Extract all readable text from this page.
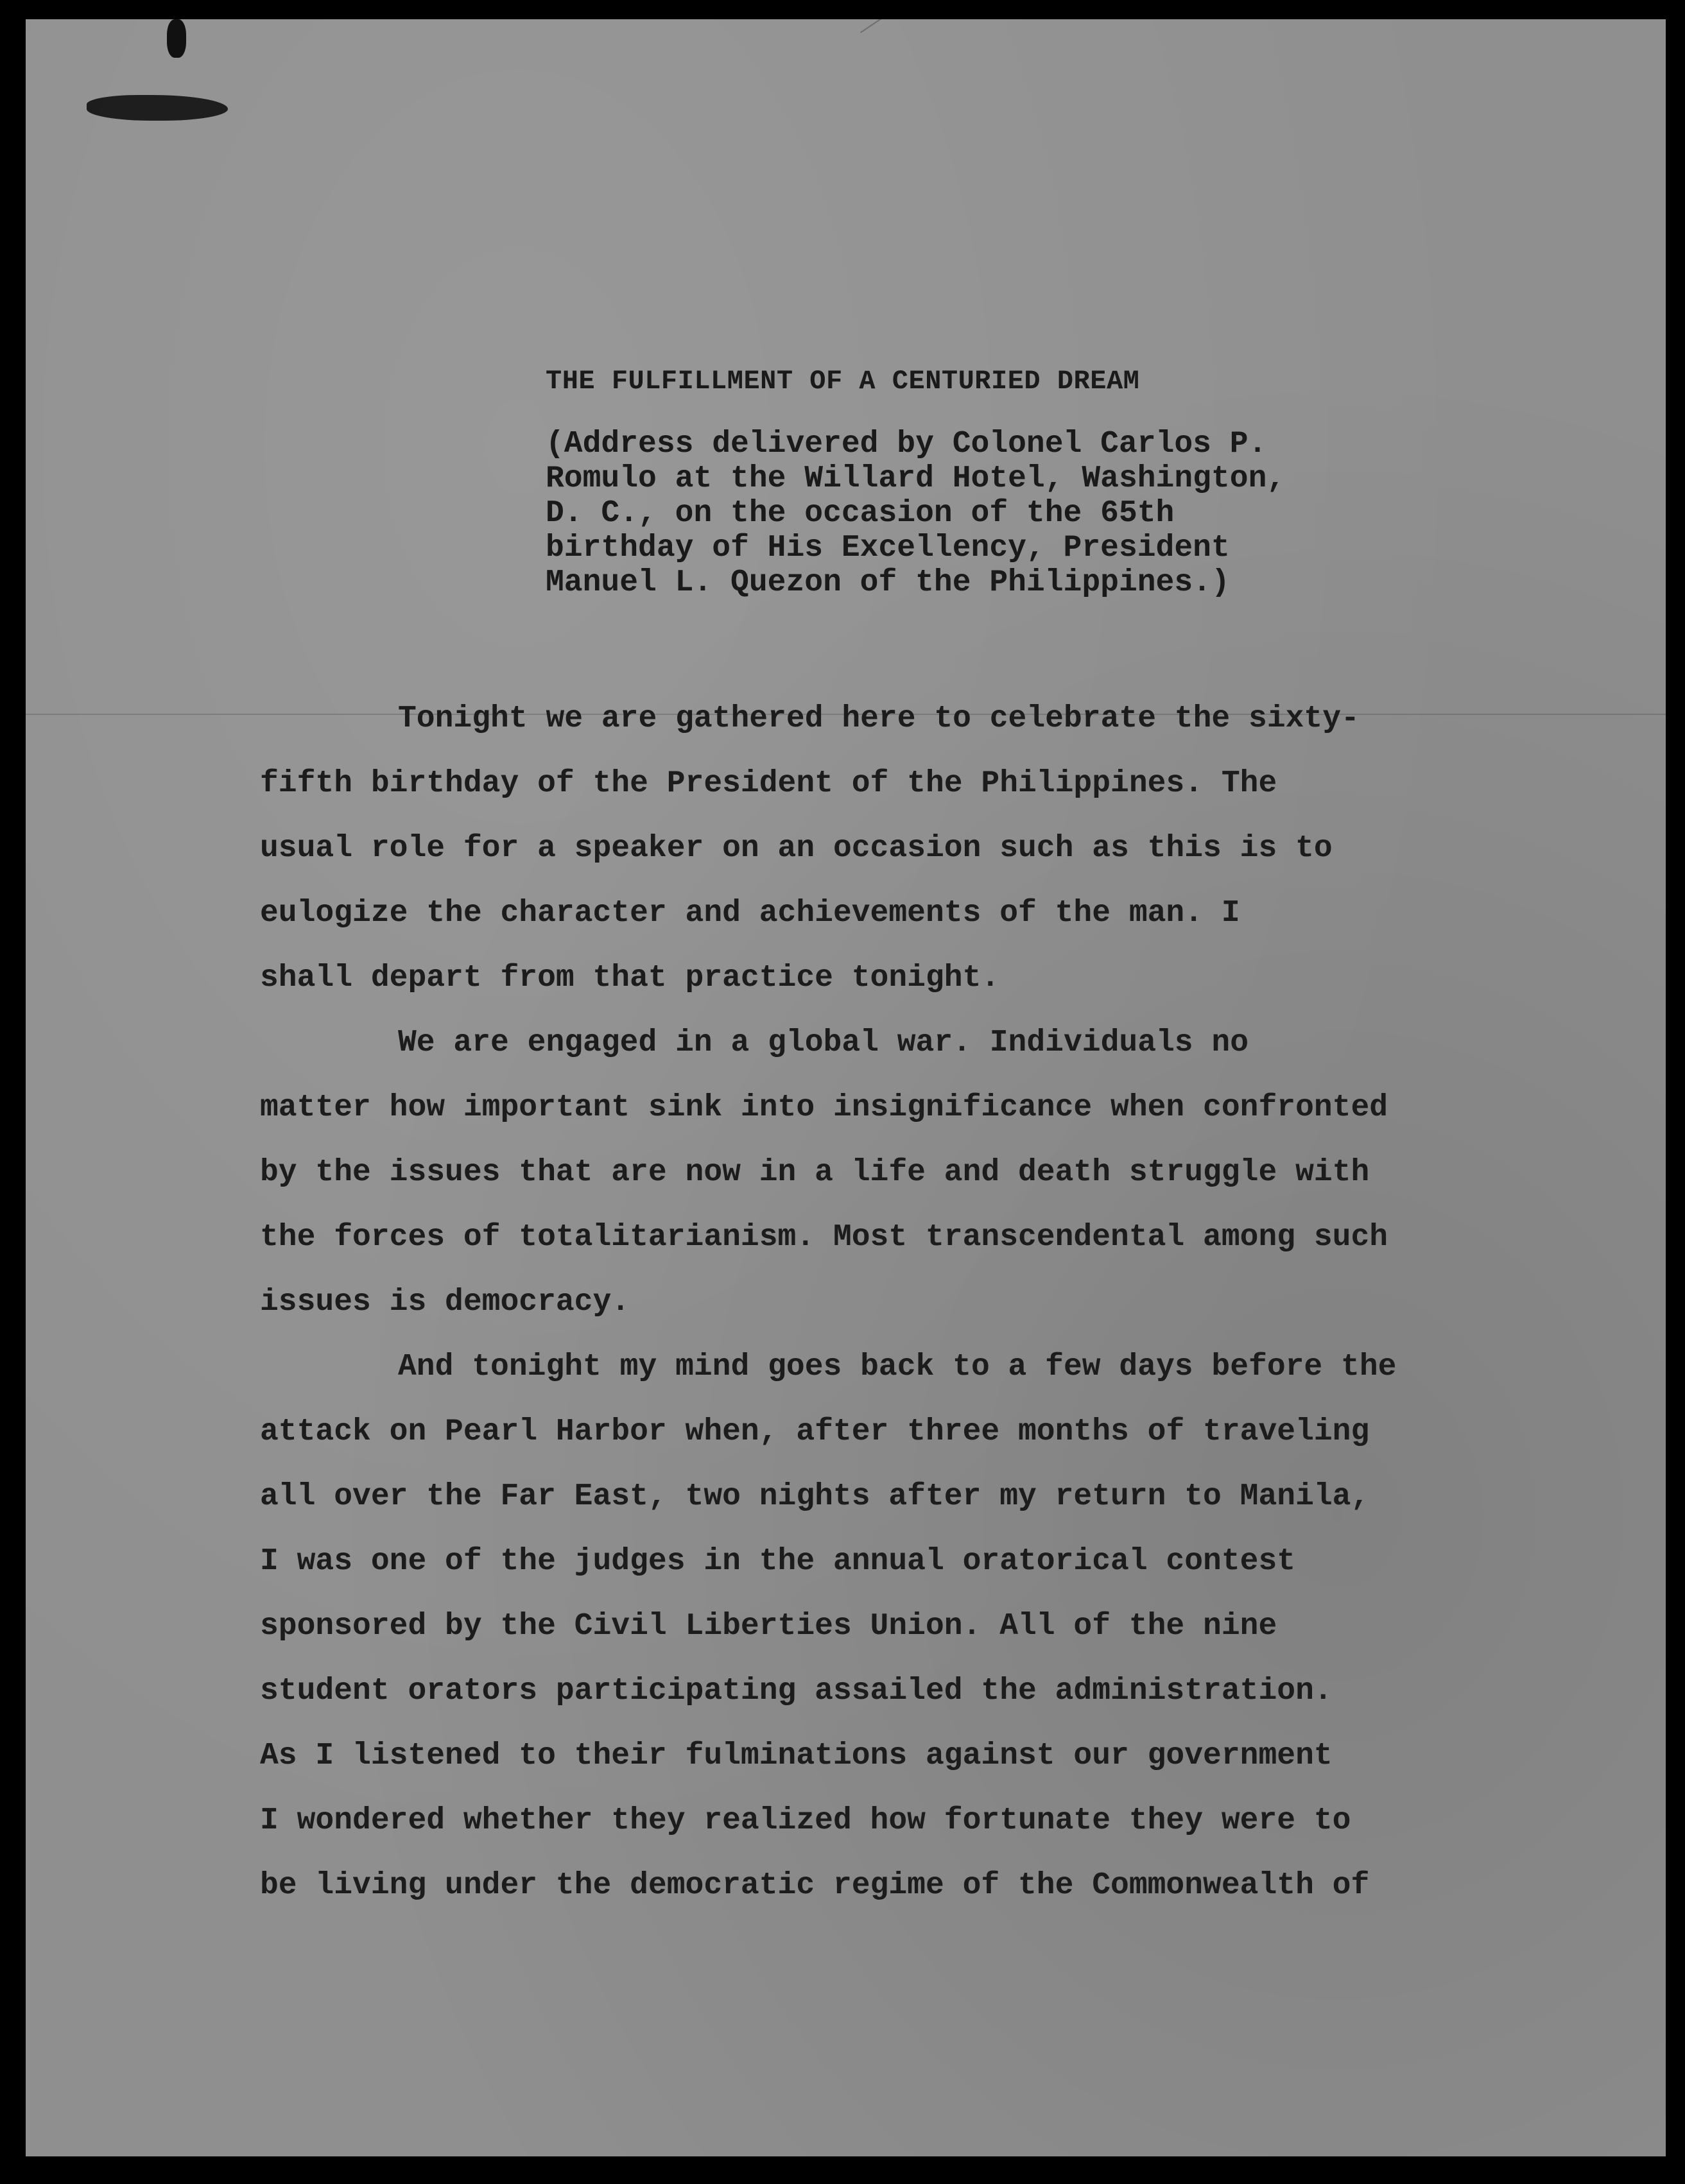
THE FULFILLMENT OF A CENTURIED DREAM
(Address delivered by Colonel Carlos P.
Romulo at the Willard Hotel, Washington,
D. C., on the occasion of the 65th
birthday of His Excellency, President
Manuel L. Quezon of the Philippines.)
Tonight we are gathered here to celebrate the sixty-
fifth birthday of the President of the Philippines. The
usual role for a speaker on an occasion such as this is to
eulogize the character and achievements of the man. I
shall depart from that practice tonight.
We are engaged in a global war. Individuals no
matter how important sink into insignificance when confronted
by the issues that are now in a life and death struggle with
the forces of totalitarianism. Most transcendental among such
issues is democracy.
And tonight my mind goes back to a few days before the
attack on Pearl Harbor when, after three months of traveling
all over the Far East, two nights after my return to Manila,
I was one of the judges in the annual oratorical contest
sponsored by the Civil Liberties Union. All of the nine
student orators participating assailed the administration.
As I listened to their fulminations against our government
I wondered whether they realized how fortunate they were to
be living under the democratic regime of the Commonwealth of
